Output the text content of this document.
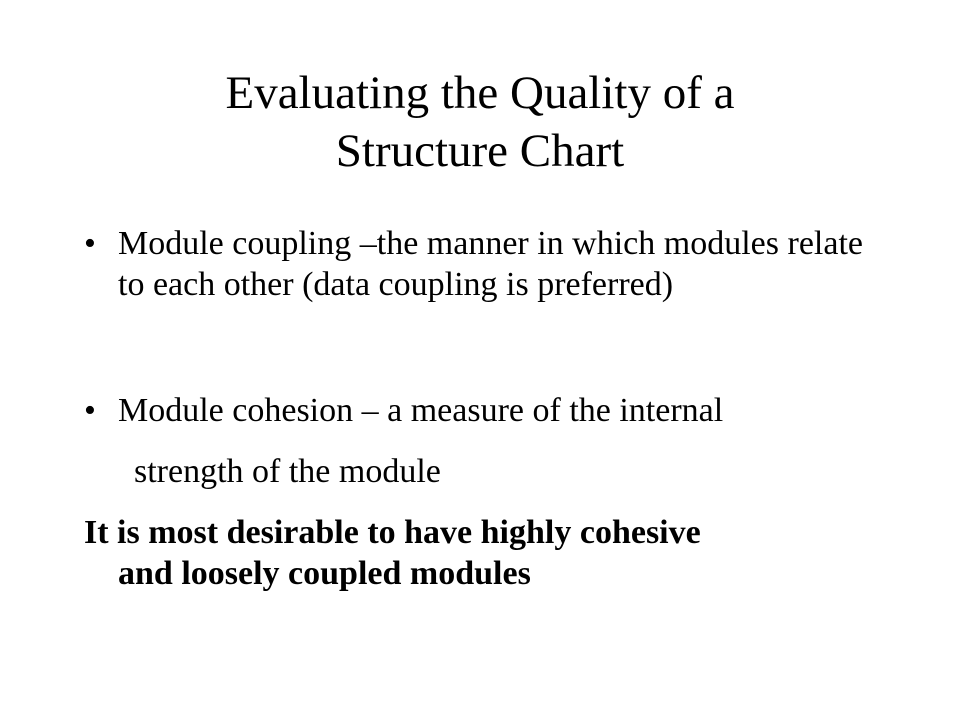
Evaluating the Quality of a
Structure Chart
• Module coupling –the manner in which modules relate to each other (data coupling is preferred)
• Module cohesion – a measure of the internal
strength of the module
It is most desirable to have highly cohesive
and loosely coupled modules
